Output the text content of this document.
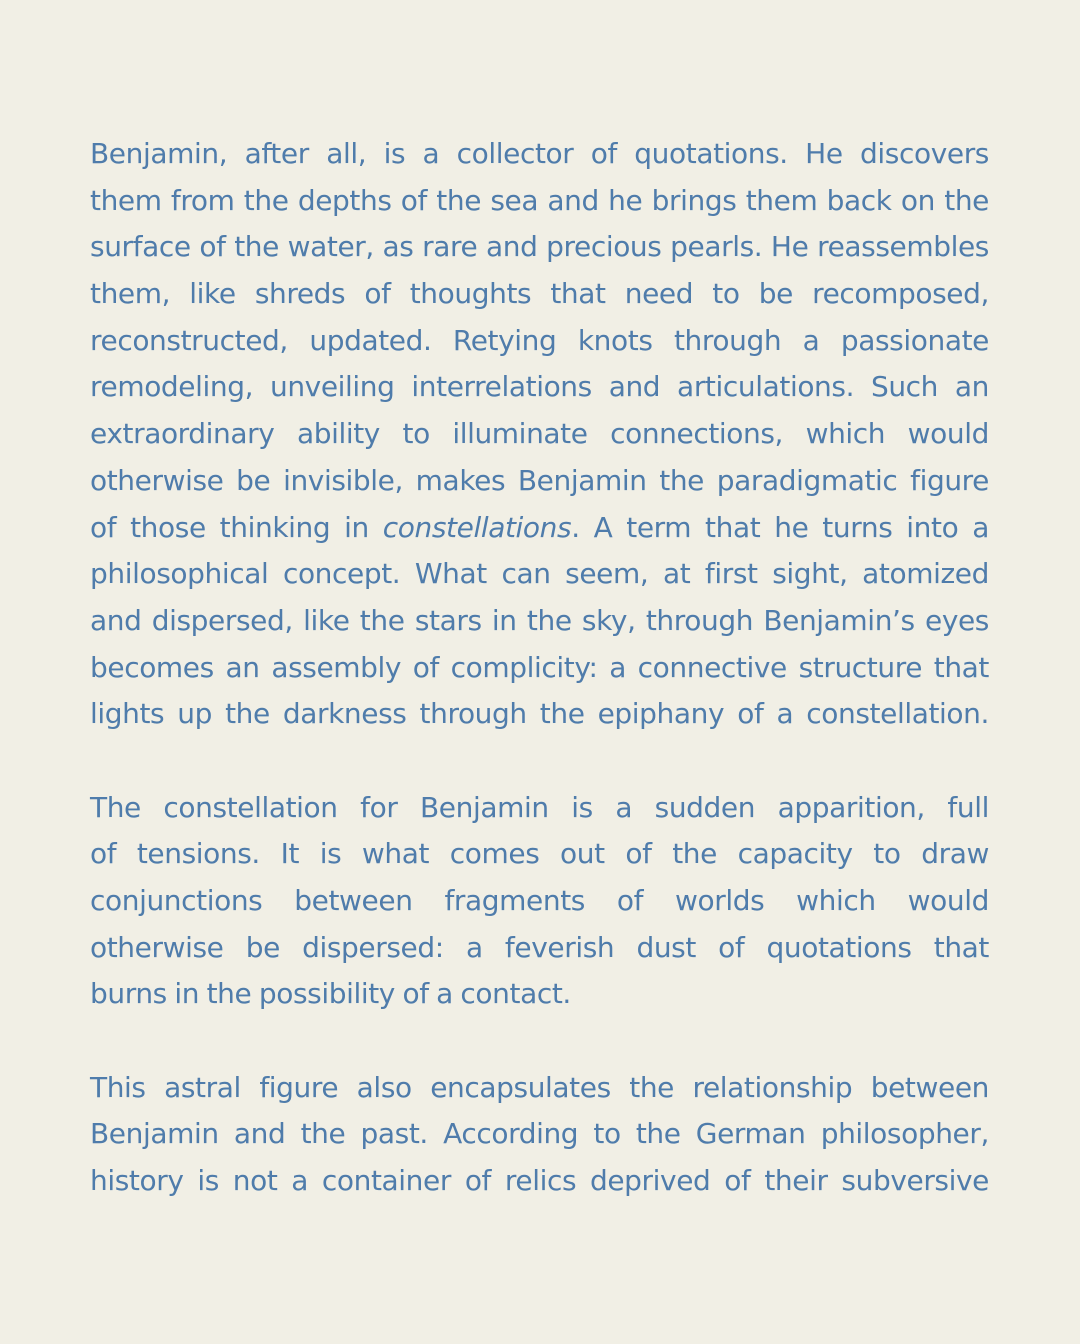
Benjamin, after all, is a collector of quotations. He discovers
them from the depths of the sea and he brings them back on the
surface of the water, as rare and precious pearls. He reassembles
them, like shreds of thoughts that need to be recomposed,
reconstructed, updated. Retying knots through a passionate
remodeling, unveiling interrelations and articulations. Such an
extraordinary ability to illuminate connections, which would
otherwise be invisible, makes Benjamin the paradigmatic figure
of those thinking in constellations. A term that he turns into a
philosophical concept. What can seem, at first sight, atomized
and dispersed, like the stars in the sky, through Benjamin’s eyes
becomes an assembly of complicity: a connective structure that
lights up the darkness through the epiphany of a constellation.
The constellation for Benjamin is a sudden apparition, full
of tensions. It is what comes out of the capacity to draw
conjunctions between fragments of worlds which would
otherwise be dispersed: a feverish dust of quotations that
burns in the possibility of a contact.
This astral figure also encapsulates the relationship between
Benjamin and the past. According to the German philosopher,
history is not a container of relics deprived of their subversive
